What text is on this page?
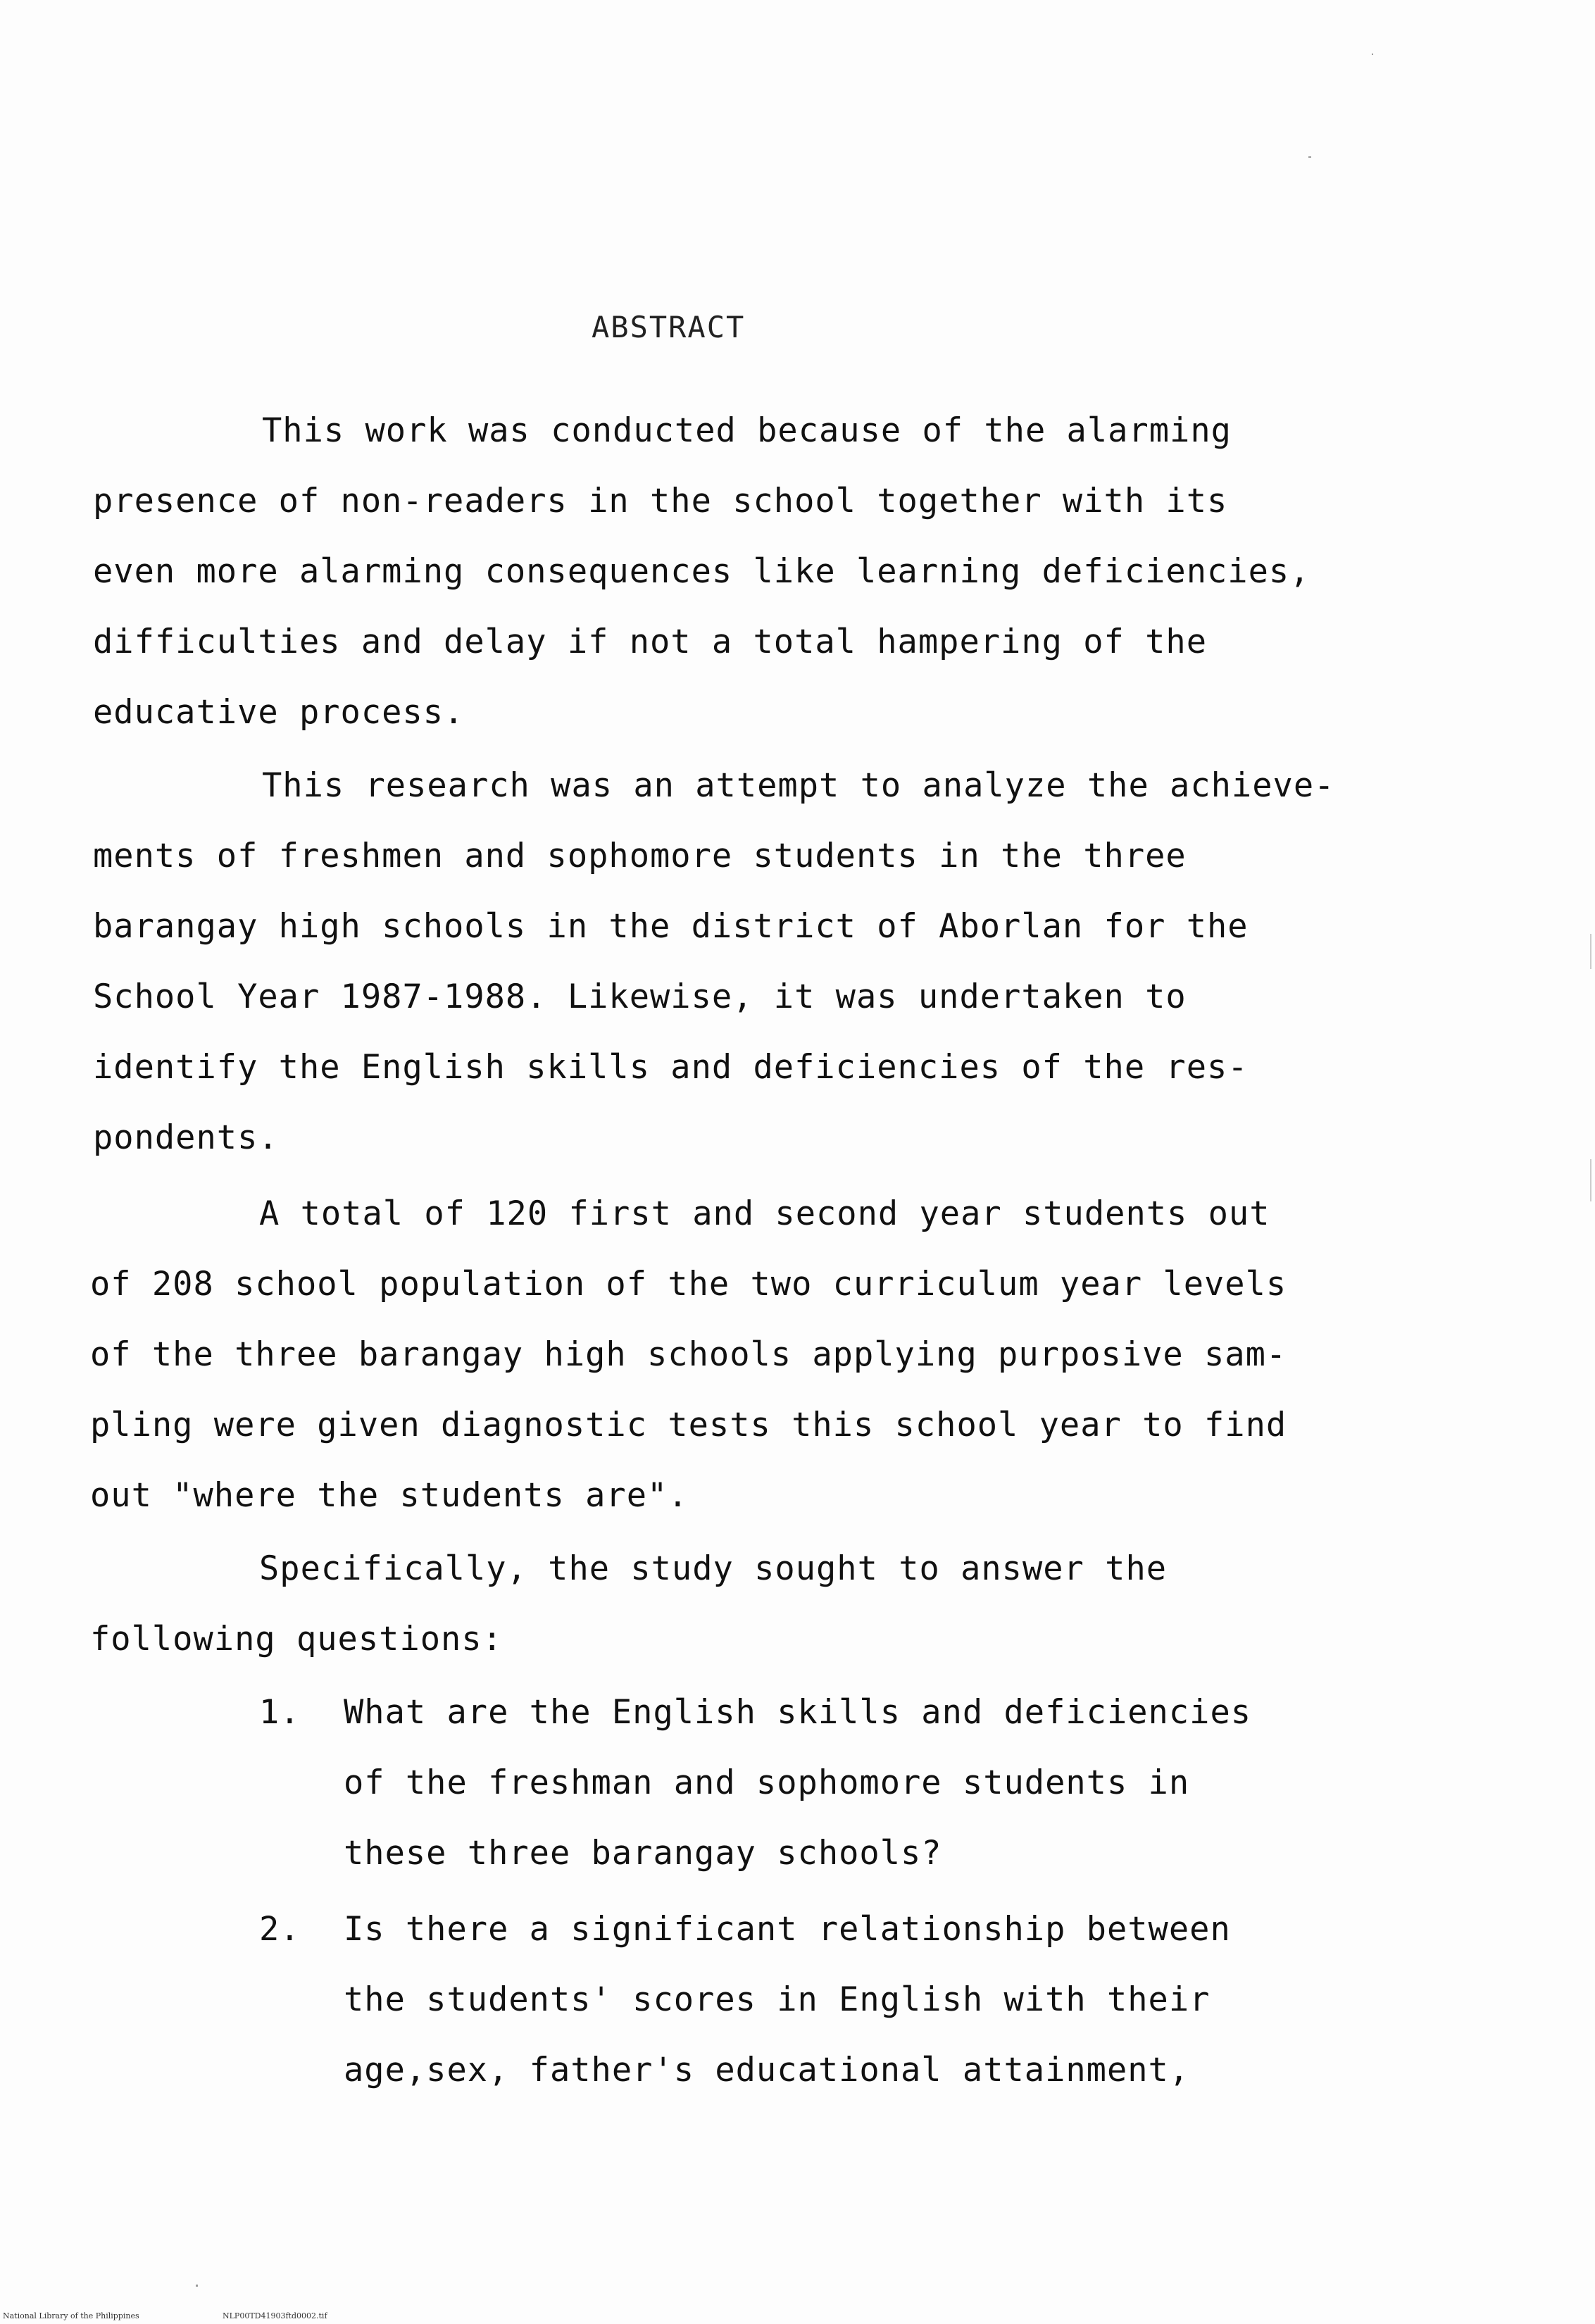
ABSTRACT
This work was conducted because of the alarming
presence of non-readers in the school together with its
even more alarming consequences like learning deficiencies,
difficulties and delay if not a total hampering of the
educative process.
This research was an attempt to analyze the achieve-
ments of freshmen and sophomore students in the three
barangay high schools in the district of Aborlan for the
School Year 1987-1988. Likewise, it was undertaken to
identify the English skills and deficiencies of the res-
pondents.
A total of 120 first and second year students out
of 208 school population of the two curriculum year levels
of the three barangay high schools applying purposive sam-
pling were given diagnostic tests this school year to find
out "where the students are".
Specifically, the study sought to answer the
following questions:
1. What are the English skills and deficiencies
of the freshman and sophomore students in
these three barangay schools?
2. Is there a significant relationship between
the students' scores in English with their
age,sex, father's educational attainment,
National Library of the Philippines	NLP00TD41903ftd0002.tif
